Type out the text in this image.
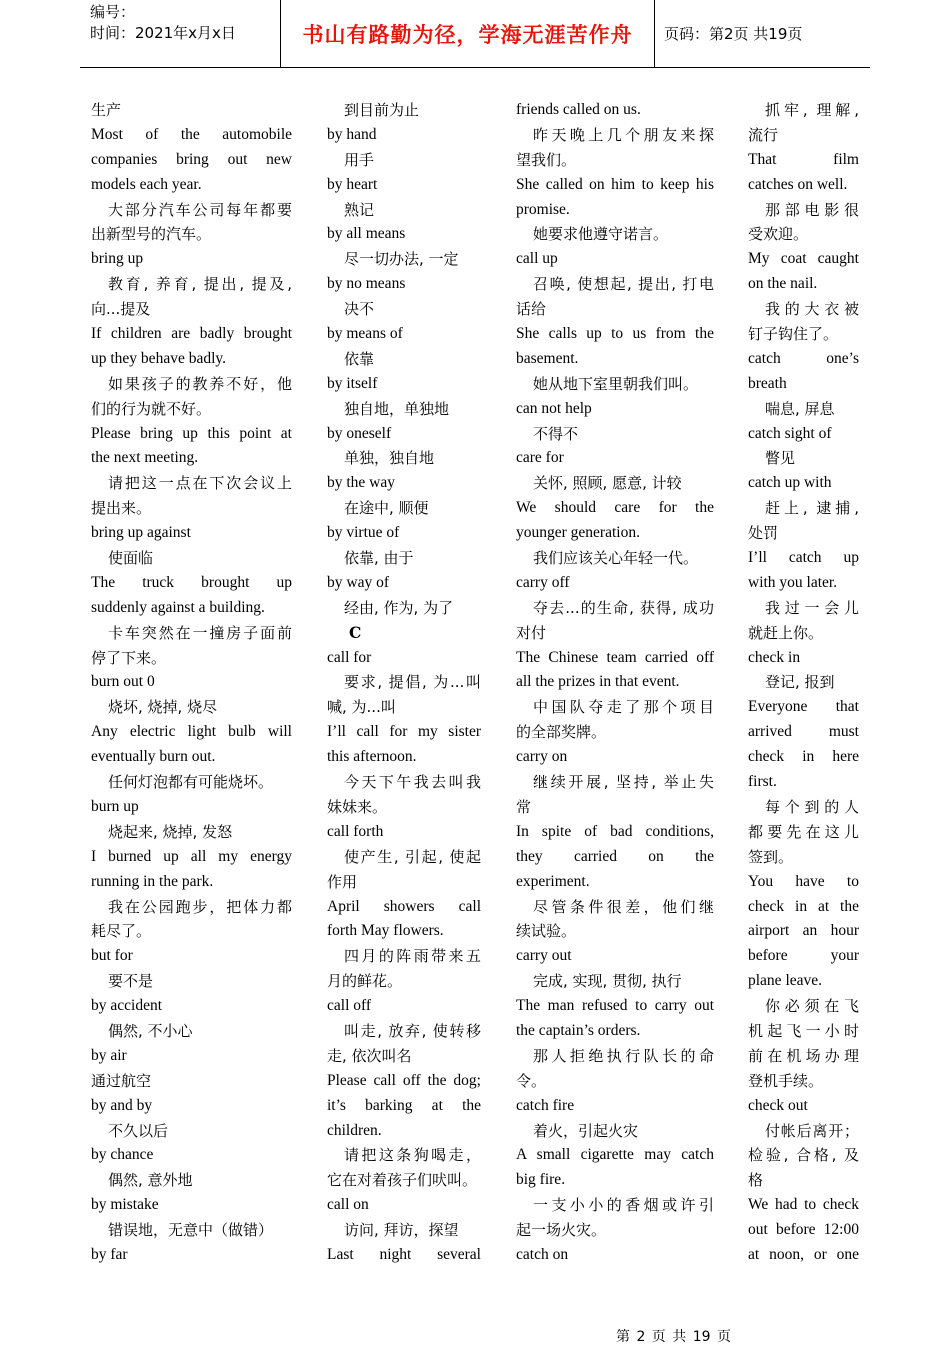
编号：
时间：2021年x月x日	书山有路勤为径，学海无涯苦作舟 页码：第2页 共19页
生产
Most of the automobile
companies bring out new
models each year.
大部分汽车公司每年都要
出新型号的汽车。
bring up
教育, 养育, 提出, 提及,
向...提及
If children are badly brought
up they behave badly.
如果孩子的教养不好，他
们的行为就不好。
Please bring up this point at
the next meeting.
请把这一点在下次会议上
提出来。
bring up against
使面临
The truck brought up
suddenly against a building.
卡车突然在一撞房子面前
停了下来。
burn out 0
烧坏, 烧掉, 烧尽
Any electric light bulb will
eventually burn out.
任何灯泡都有可能烧坏。
burn up
烧起来, 烧掉, 发怒
I burned up all my energy
running in the park.
我在公园跑步，把体力都
耗尽了。
but for
要不是
by accident
偶然, 不小心
by air
通过航空
by and by
不久以后
by chance
偶然, 意外地
by mistake
错误地，无意中（做错）
by far
到目前为止
by hand
用手
by heart
熟记
by all means
尽一切办法, 一定
by no means
决不
by means of
依靠
by itself
独自地，单独地
by oneself
单独，独自地
by the way
在途中, 顺便
by virtue of
依靠, 由于
by way of
经由, 作为, 为了
C
call for
要求, 提倡, 为...叫
喊, 为...叫
I’ll call for my sister
this afternoon.
今天下午我去叫我
妹妹来。
call forth
使产生, 引起, 使起
作用
April showers call
forth May flowers.
四月的阵雨带来五
月的鲜花。
call off
叫走, 放弃, 使转移
走, 依次叫名
Please call off the dog;
it’s barking at the
children.
请把这条狗喝走，
它在对着孩子们吠叫。
call on
访问, 拜访，探望
Last night several
friends called on us.
昨天晚上几个朋友来探
望我们。
She called on him to keep his
promise.
她要求他遵守诺言。
call up
召唤, 使想起, 提出, 打电
话给
She calls up to us from the
basement.
她从地下室里朝我们叫。
can not help
不得不
care for
关怀, 照顾, 愿意, 计较
We should care for the
younger generation.
我们应该关心年轻一代。
carry off
夺去...的生命, 获得, 成功
对付
The Chinese team carried off
all the prizes in that event.
中国队夺走了那个项目
的全部奖牌。
carry on
继续开展, 坚持, 举止失
常
In spite of bad conditions,
they carried on the
experiment.
尽管条件很差，他们继
续试验。
carry out
完成, 实现, 贯彻, 执行
The man refused to carry out
the captain’s orders.
那人拒绝执行队长的命
令。
catch fire
着火，引起火灾
A small cigarette may catch
big fire.
一支小小的香烟或许引
起一场火灾。
catch on
抓牢, 理解,
流行
That film
catches on well.
那部电影很
受欢迎。
My coat caught
on the nail.
我的大衣被
钉子钩住了。
catch one’s
breath
喘息, 屏息
catch sight of
瞥见
catch up with
赶上, 逮捕,
处罚
I’ll catch up
with you later.
我过一会儿
就赶上你。
check in
登记, 报到
Everyone that
arrived must
check in here
first.
每个到的人
都要先在这儿
签到。
You have to
check in at the
airport an hour
before your
plane leave.
你必须在飞
机起飞一小时
前在机场办理
登机手续。
check out
付帐后离开；
检验, 合格, 及
格
We had to check
out before 12:00
at noon, or one
第 2 页 共 19 页
